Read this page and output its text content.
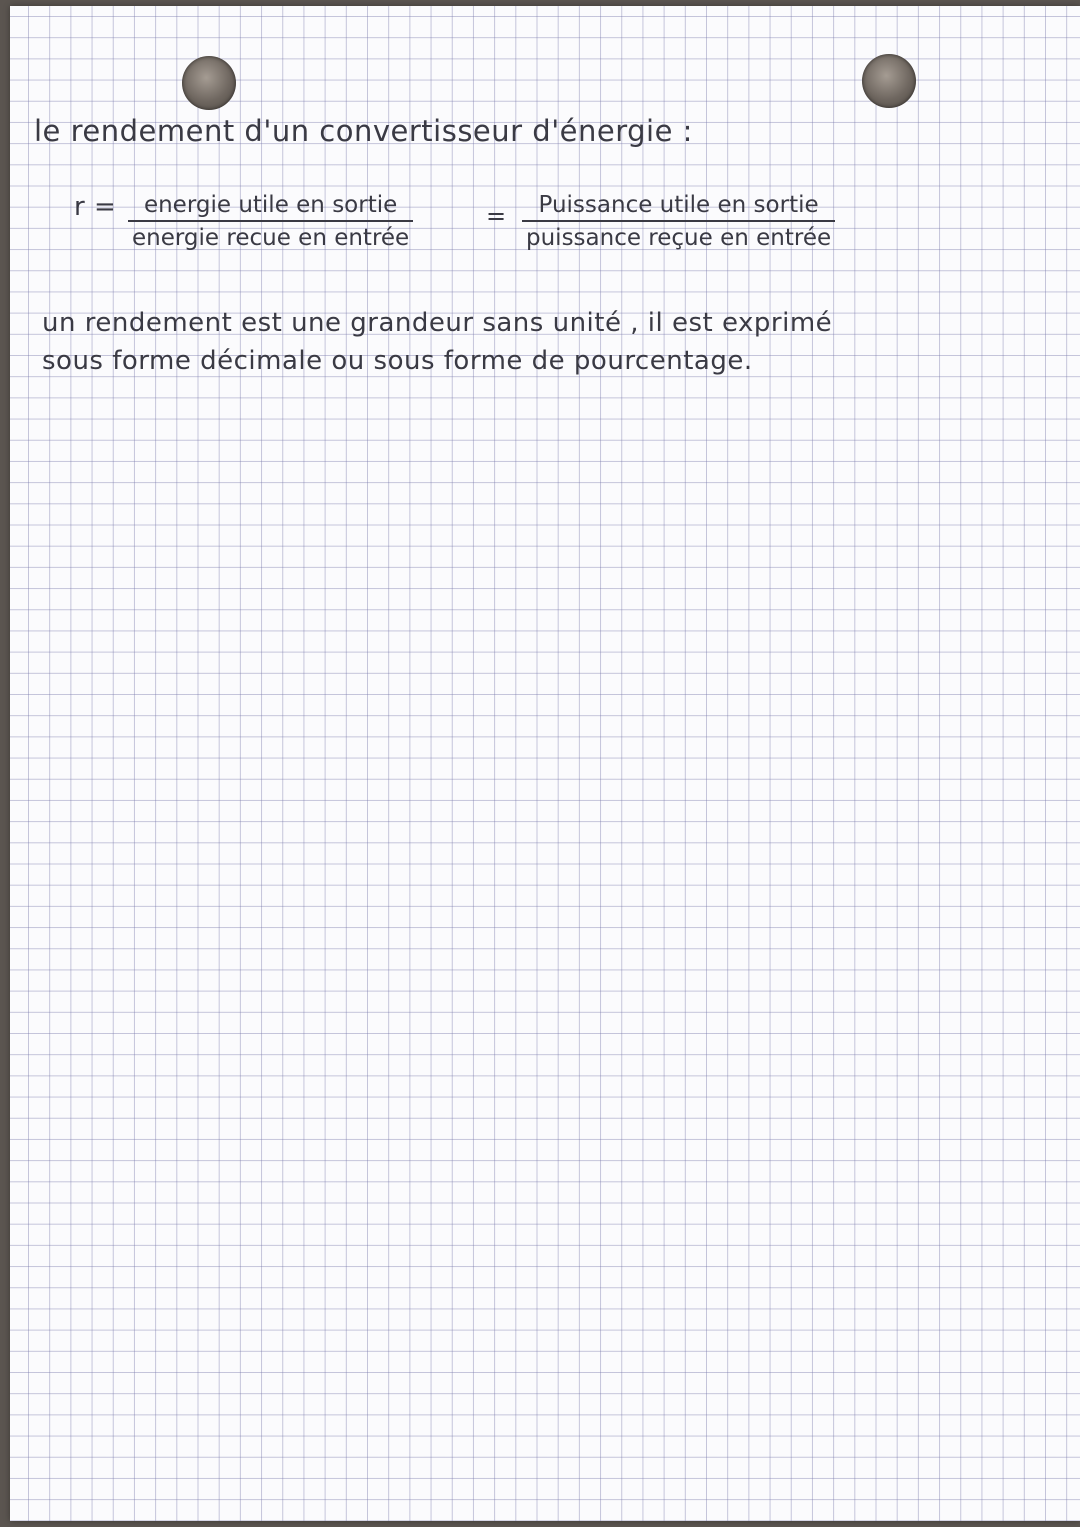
le rendement d'un convertisseur d'énergie :
r =	energie utile en sortie
energie recue en entrée
=	Puissance utile en sortie
puissance reçue en entrée
un rendement est une grandeur sans unité , il est exprimé
sous forme décimale ou sous forme de pourcentage.
